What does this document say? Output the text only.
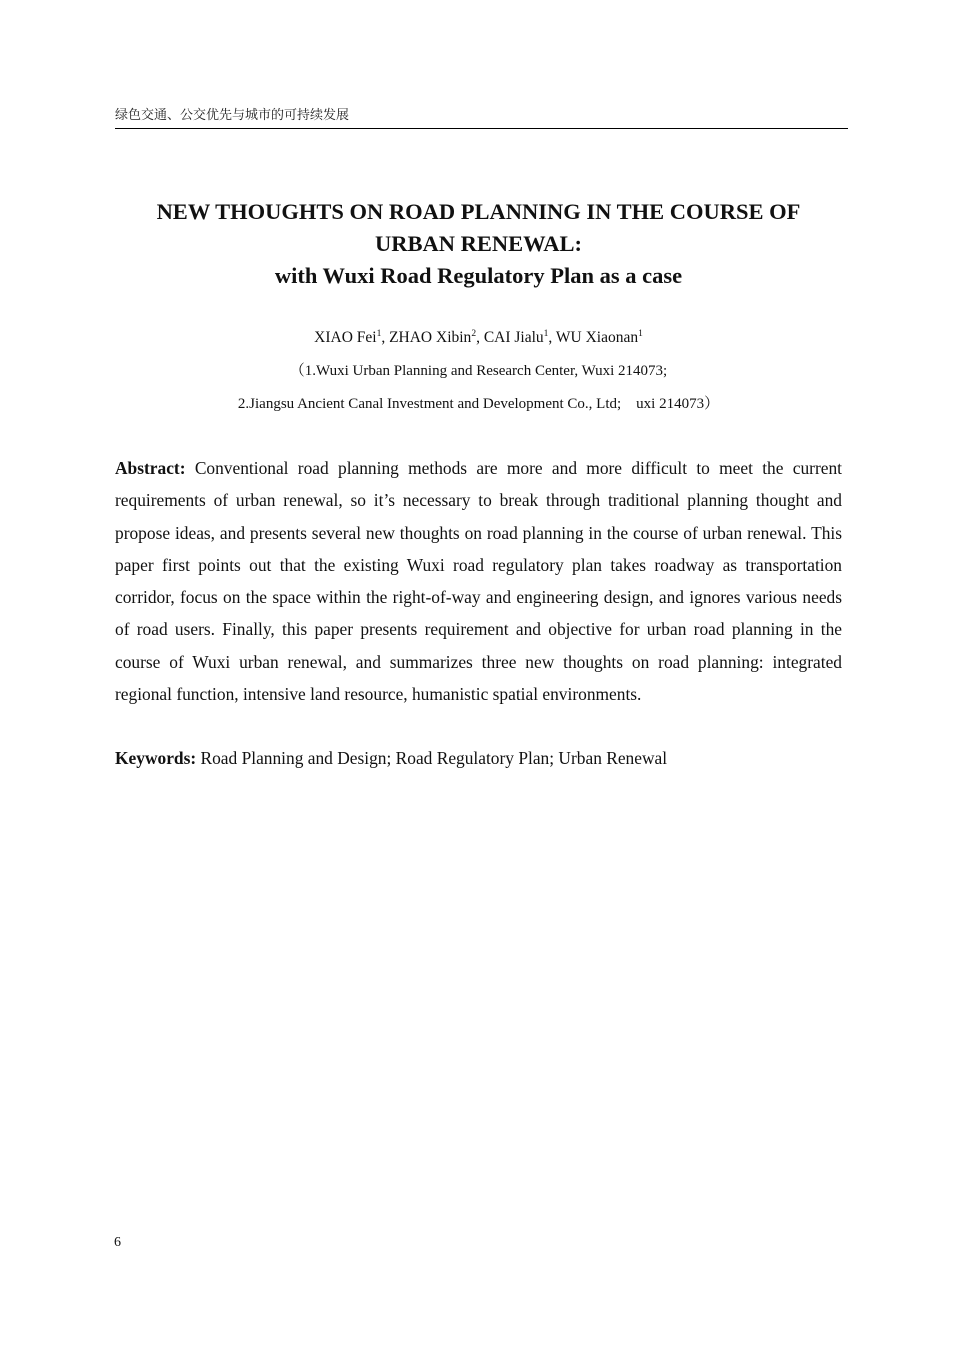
绿色交通、公交优先与城市的可持续发展
NEW THOUGHTS ON ROAD PLANNING IN THE COURSE OF
URBAN RENEWAL:
with Wuxi Road Regulatory Plan as a case
XIAO Fei$^1$, ZHAO Xibin$^2$, CAI Jialu$^1$, WU Xiaonan$^1$
（1.Wuxi Urban Planning and Research Center, Wuxi 214073;
2.Jiangsu Ancient Canal Investment and Development Co., Ltd;    uxi 214073）

Abstract: Conventional road planning methods are more and more difficult to meet the current requirements of urban renewal, so it’s necessary to break through traditional planning thought and propose ideas, and presents several new thoughts on road planning in the course of urban renewal. This paper first points out that the existing Wuxi road regulatory plan takes roadway as transportation corridor, focus on the space within the right-of-way and engineering design, and ignores various needs of road users. Finally, this paper presents requirement and objective for urban road planning in the course of Wuxi urban renewal, and summarizes three new thoughts on road planning: integrated regional function, intensive land resource, humanistic spatial environments.

Keywords: Road Planning and Design; Road Regulatory Plan; Urban Renewal

6
